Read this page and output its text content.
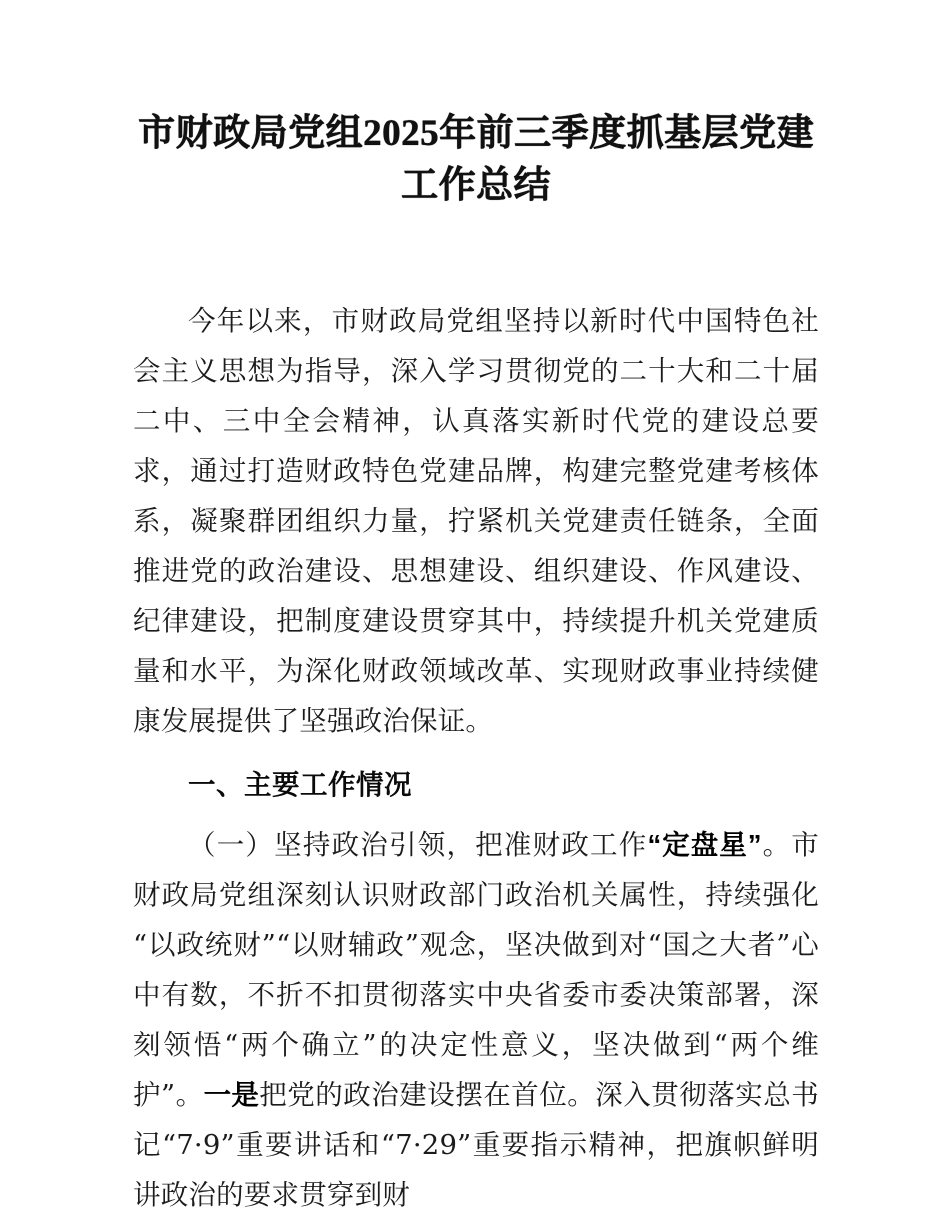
市财政局党组2025年前三季度抓基层党建工作总结

今年以来，市财政局党组坚持以新时代中国特色社会主义思想为指导，深入学习贯彻党的二十大和二十届二中、三中全会精神，认真落实新时代党的建设总要求，通过打造财政特色党建品牌，构建完整党建考核体系，凝聚群团组织力量，拧紧机关党建责任链条，全面推进党的政治建设、思想建设、组织建设、作风建设、纪律建设，把制度建设贯穿其中，持续提升机关党建质量和水平，为深化财政领域改革、实现财政事业持续健康发展提供了坚强政治保证。

一、主要工作情况

（一）坚持政治引领，把准财政工作“定盘星”。市财政局党组深刻认识财政部门政治机关属性，持续强化“以政统财”“以财辅政”观念，坚决做到对“国之大者”心中有数，不折不扣贯彻落实中央省委市委决策部署，深刻领悟“两个确立”的决定性意义，坚决做到“两个维护”。一是把党的政治建设摆在首位。深入贯彻落实总书记“7·9”重要讲话和“7·29”重要指示精神，把旗帜鲜明讲政治的要求贯穿到财
